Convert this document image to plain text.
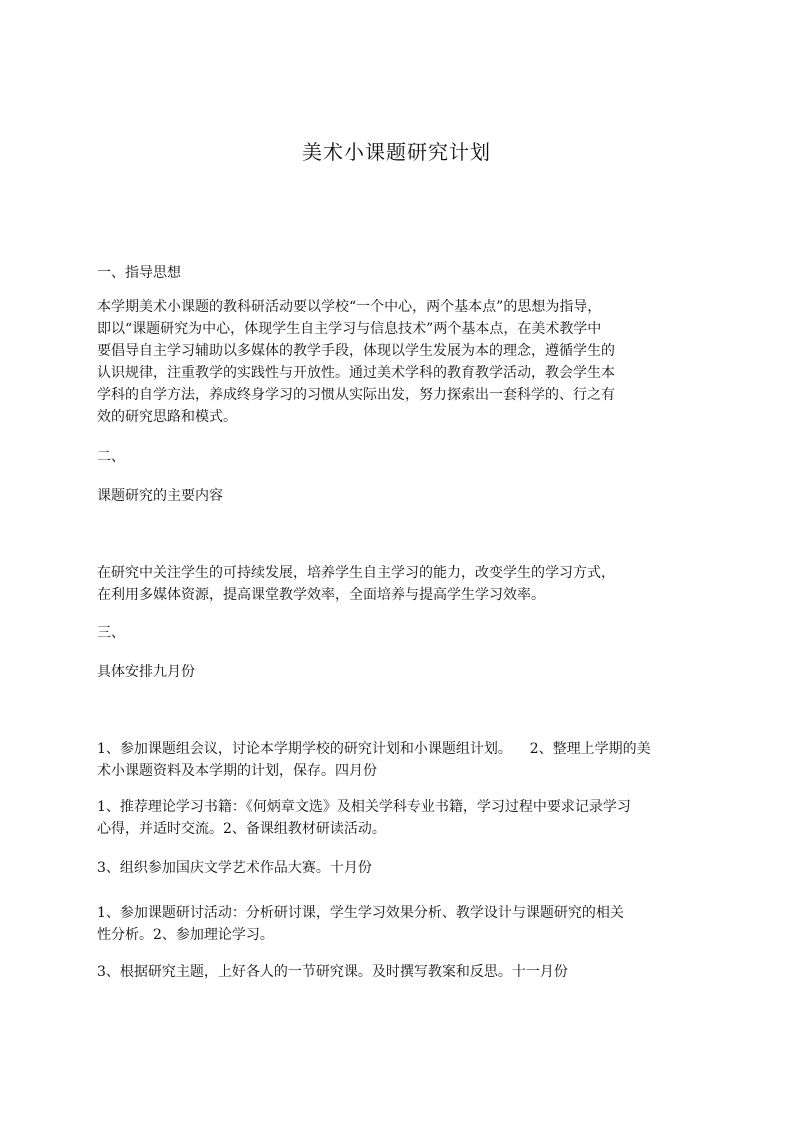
美术小课题研究计划

一、指导思想

本学期美术小课题的教科研活动要以学校“一个中心，两个基本点”的思想为指导，
即以“课题研究为中心，体现学生自主学习与信息技术”两个基本点，在美术教学中
要倡导自主学习辅助以多媒体的教学手段，体现以学生发展为本的理念，遵循学生的
认识规律，注重教学的实践性与开放性。通过美术学科的教育教学活动，教会学生本
学科的自学方法，养成终身学习的习惯从实际出发，努力探索出一套科学的、行之有
效的研究思路和模式。

二、

课题研究的主要内容

在研究中关注学生的可持续发展，培养学生自主学习的能力，改变学生的学习方式，
在利用多媒体资源，提高课堂教学效率，全面培养与提高学生学习效率。

三、

具体安排九月份

1、参加课题组会议，讨论本学期学校的研究计划和小课题组计划。    2、整理上学期的美
术小课题资料及本学期的计划，保存。四月份
1、推荐理论学习书籍：《何炳章文选》及相关学科专业书籍，学习过程中要求记录学习
心得，并适时交流。2、备课组教材研读活动。
3、组织参加国庆文学艺术作品大赛。十月份
1、参加课题研讨活动：分析研讨课，学生学习效果分析、教学设计与课题研究的相关
性分析。2、参加理论学习。
3、根据研究主题，上好各人的一节研究课。及时撰写教案和反思。十一月份
